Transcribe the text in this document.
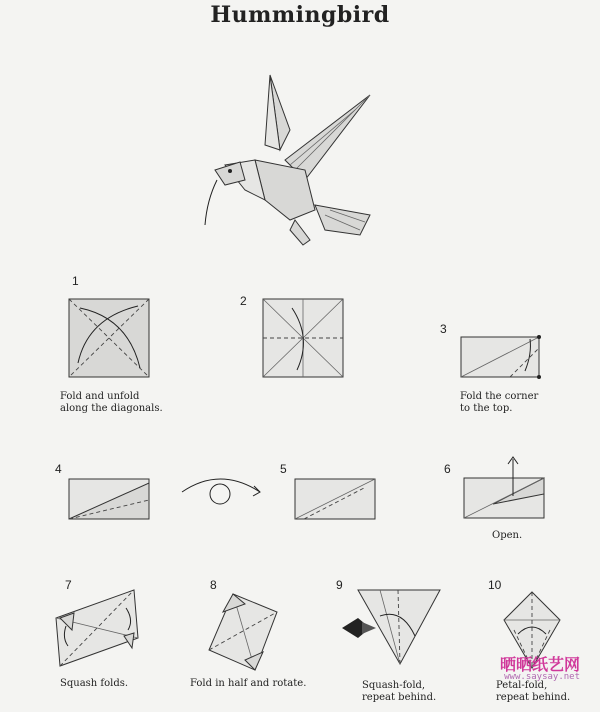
Hummingbird
1
Fold and unfold
along the diagonals.
2
3
Fold the corner
to the top.
4	5	6
Open.
7
Squash folds.
8
Fold in half and rotate.
9
Squash-fold,
repeat behind.
10
Petal-fold,
repeat behind.
晒晒纸艺网
www.saysay.net
